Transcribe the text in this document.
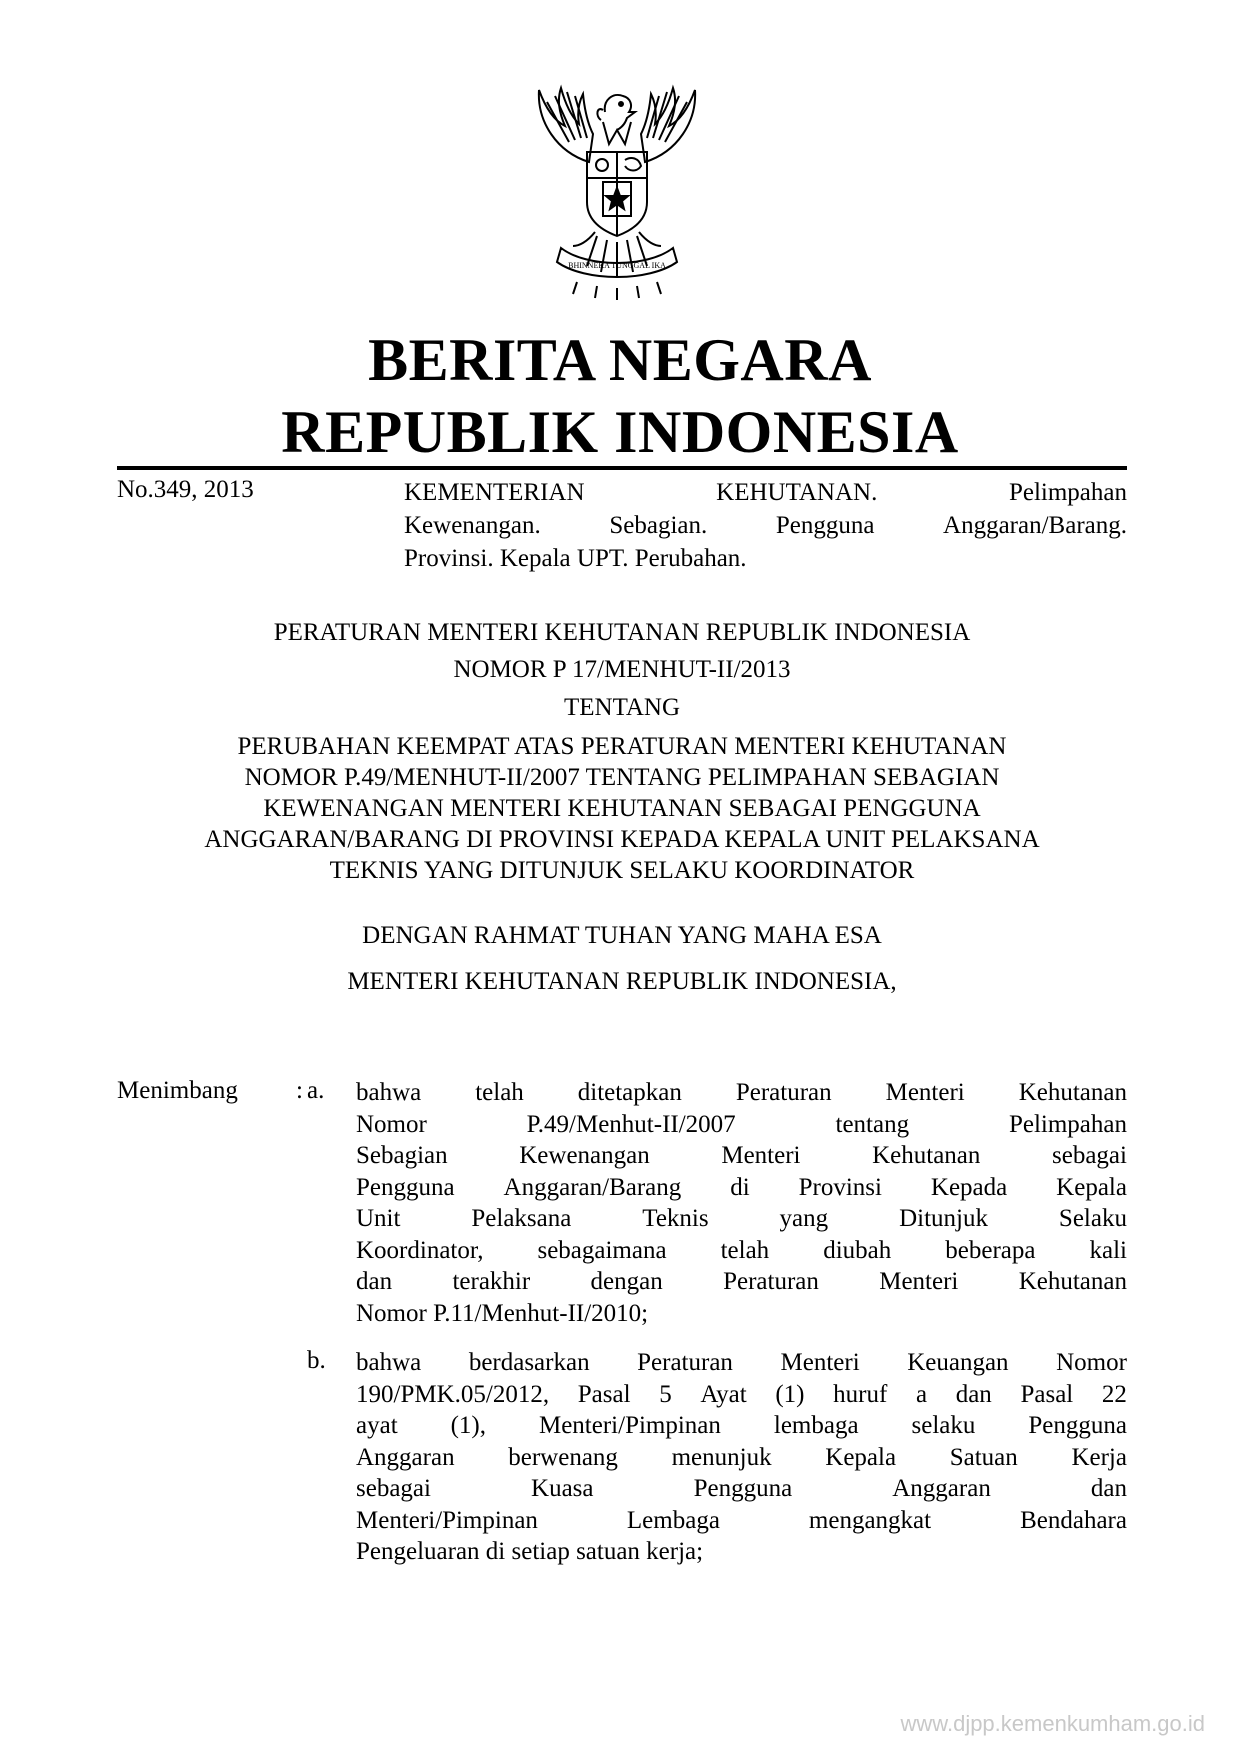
BHINNEKA TUNGGAL IKA
BERITA NEGARA
REPUBLIK INDONESIA
No.349, 2013	KEMENTERIAN	KEHUTANAN.	Pelimpahan
Kewenangan.	Sebagian.	Pengguna	Anggaran/Barang.
Provinsi. Kepala UPT. Perubahan.
PERATURAN MENTERI KEHUTANAN REPUBLIK INDONESIA
NOMOR P 17/MENHUT-II/2013
TENTANG
PERUBAHAN KEEMPAT ATAS PERATURAN MENTERI KEHUTANAN
NOMOR P.49/MENHUT-II/2007 TENTANG PELIMPAHAN SEBAGIAN
KEWENANGAN MENTERI KEHUTANAN SEBAGAI PENGGUNA
ANGGARAN/BARANG DI PROVINSI KEPADA KEPALA UNIT PELAKSANA
TEKNIS YANG DITUNJUK SELAKU KOORDINATOR
DENGAN RAHMAT TUHAN YANG MAHA ESA
MENTERI KEHUTANAN REPUBLIK INDONESIA,
Menimbang : a. bahwa telah ditetapkan Peraturan Menteri Kehutanan
Nomor	P.49/Menhut-II/2007	tentang	Pelimpahan
Sebagian	Kewenangan	Menteri	Kehutanan	sebagai
Pengguna Anggaran/Barang di Provinsi Kepada Kepala
Unit	Pelaksana	Teknis	yang	Ditunjuk	Selaku
Koordinator, sebagaimana telah diubah beberapa kali
dan terakhir dengan Peraturan Menteri Kehutanan
Nomor P.11/Menhut-II/2010;
b. bahwa berdasarkan Peraturan Menteri Keuangan Nomor
190/PMK.05/2012, Pasal 5 Ayat (1) huruf a dan Pasal 22
ayat (1), Menteri/Pimpinan lembaga selaku Pengguna
Anggaran berwenang menunjuk Kepala Satuan Kerja
sebagai	Kuasa	Pengguna	Anggaran	dan
Menteri/Pimpinan	Lembaga	mengangkat	Bendahara
Pengeluaran di setiap satuan kerja;
www.djpp.kemenkumham.go.id
